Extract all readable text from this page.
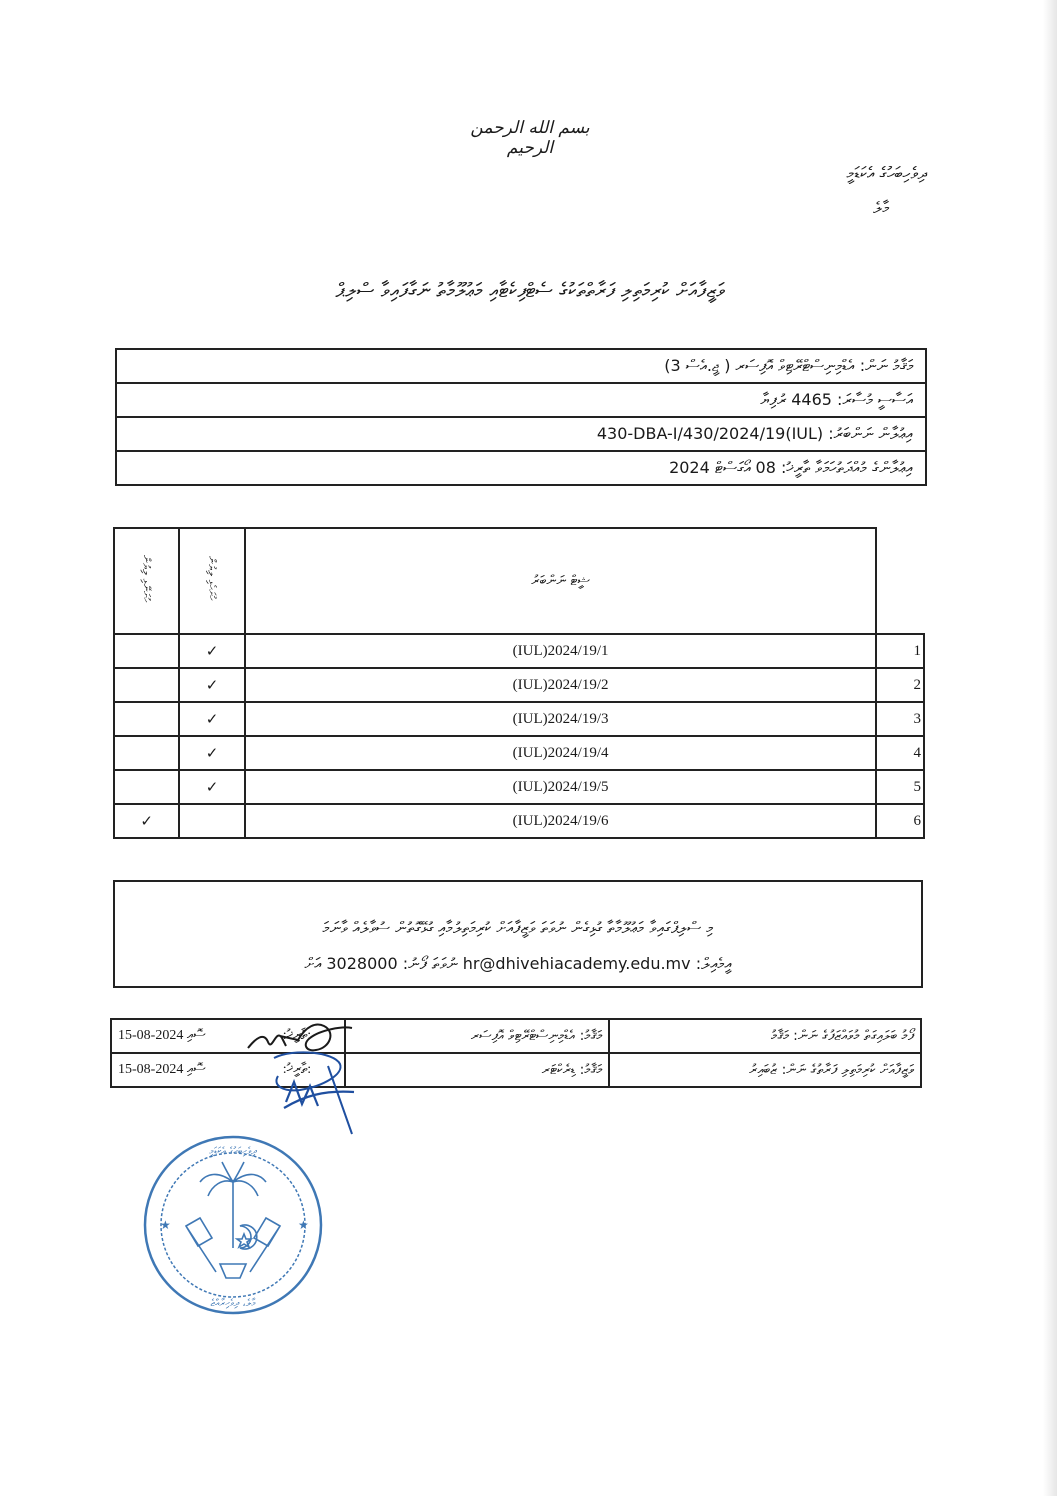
بسم الله الرحمن الرحيم
ދިވެހިބަހުގެ އެކަޑަމީ
މާލެ
ވަޒީފާއަށް ކުރިމަތިލި ފަރާތްތަކުގެ ސެޓްފިކެޓާއި މަޢުލޫމާތު ނަގާފައިވާ ސްލިޕް
މަޤާމު ނަން: އެޑްމިނިސްޓްރޭޓިވް އޮފިސަރ ( ޖީ.އެސް 3)
އަސާސީ މުސާރަ: 4465 ރުފިޔާ
އިޢުލާން ނަންބަރު: (IUL)430-DBA-I/430/2024/19
އިޢުލާންގެ މުއްދަތުހަމަވާ ތާރީޚު: 08 އޯގަސްޓް 2024
ހުށަނޭޅި ލިޔުން	ހުށަހެޅި ލިޔުން	ޝީޓް ނަންބަރު	
	✓	(IUL)2024/19/1	1
	✓	(IUL)2024/19/2	2
	✓	(IUL)2024/19/3	3
	✓	(IUL)2024/19/4	4
	✓	(IUL)2024/19/5	5
✓		(IUL)2024/19/6	6
މި ސްލިޕްގައިވާ މަޢުލޫމާތާ ގުޅިގެން ނުވަތަ ވަޒީފާއަށް ކުރިމަތިލުމާއި ގުޅޭގޮތުން ސުވާލެއް ވާނަމަ
އީމެއިލް: hr@dhivehiacademy.edu.mv ނުވަތަ ފޯނު: 3028000 އަށް
15-08-2024 ތާރީޚު:  ސޮއި:	މަޤާމު: އެޑްމިނިސްޓްރޭޓިވް އޮފިސަރ	ފޯމު ބަލައިގަތް މުވައްޒަފުގެ ނަން: މަޤާމު
15-08-2024 ތާރީޚު:  ސޮއި:	މަޤާމު: ޑިރެކްޓަރ	ވަޒީފާއަށް ކުރިމަތިލި ފަރާތުގެ ނަން: ޒުބައިރު
ދިވެހިބަހުގެ އެކަޑަމީ
މާލެ، ދިވެހިރާއްޖެ
★	★
